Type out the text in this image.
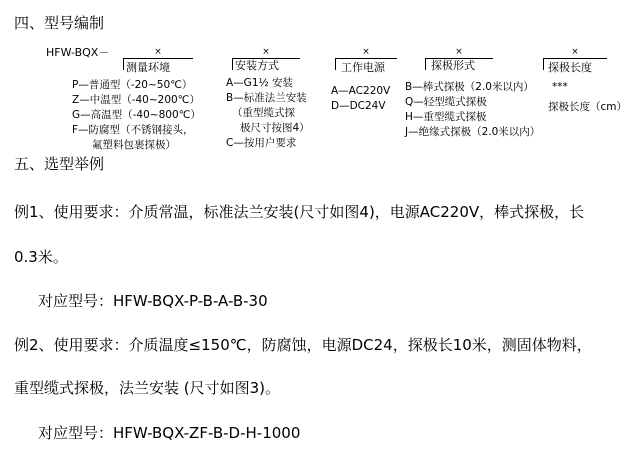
四、型号编制
HFW-BQX－	×
测量环境
×
安装方式
×
工作电源
×
探极形式
×
探极长度
P—普通型（-20~50℃）
Z—中温型（-40~200℃）
G—高温型（-40~800℃）
F—防腐型（不锈钢接头，
氟塑料包裹探极）
A—G1½ 安装
B—标准法兰安装
（重型缆式探
极尺寸按图4）
C—按用户要求
A—AC220V
D—DC24V
B—棒式探极（2.0米以内）
Q—轻型缆式探极
H—重型缆式探极
J—绝缘式探极（2.0米以内）
***
探极长度（cm）
五、选型举例
例1、使用要求：介质常温，标准法兰安装(尺寸如图4)，电源AC220V，棒式探极，长
0.3米。
对应型号：HFW-BQX-P-B-A-B-30
例2、使用要求：介质温度≤150℃，防腐蚀，电源DC24，探极长10米，测固体物料，
重型缆式探极，法兰安装 (尺寸如图3)。
对应型号：HFW-BQX-ZF-B-D-H-1000
